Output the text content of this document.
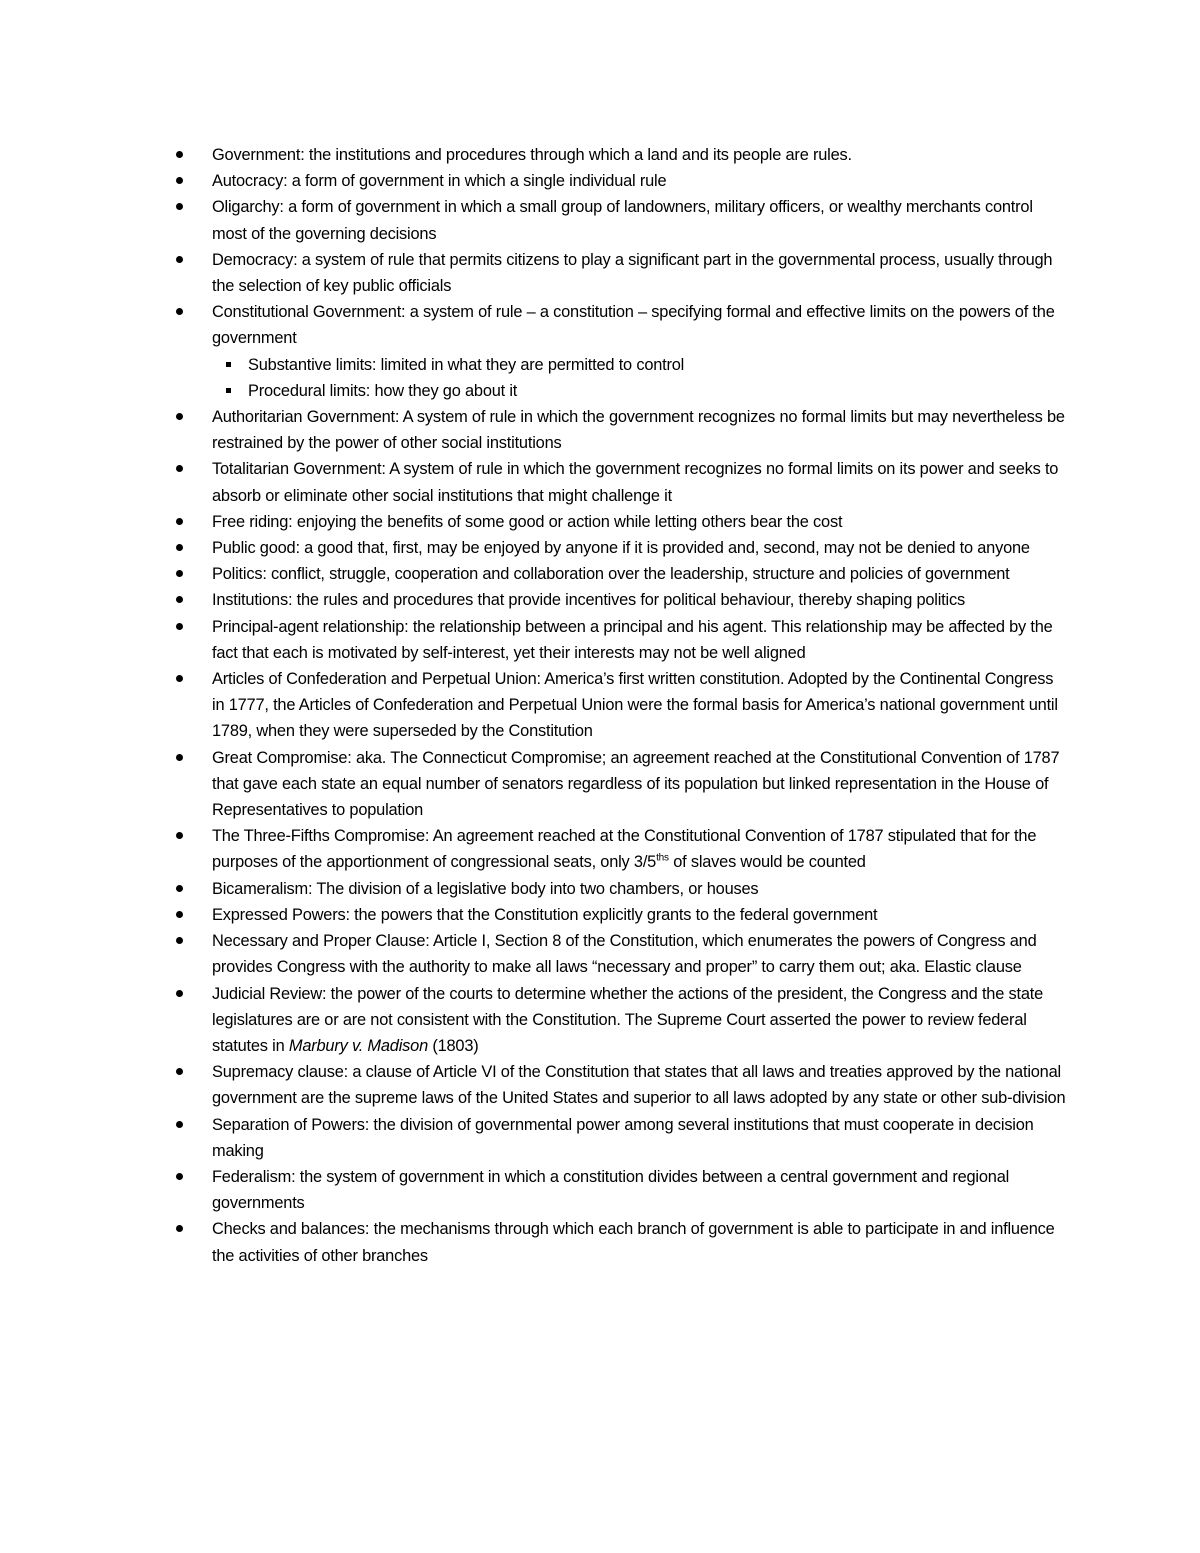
Government: the institutions and procedures through which a land and its people are rules.
Autocracy: a form of government in which a single individual rule
Oligarchy: a form of government in which a small group of landowners, military officers, or wealthy merchants control most of the governing decisions
Democracy: a system of rule that permits citizens to play a significant part in the governmental process, usually through the selection of key public officials
Constitutional Government: a system of rule – a constitution – specifying formal and effective limits on the powers of the government
Substantive limits: limited in what they are permitted to control
Procedural limits: how they go about it
Authoritarian Government: A system of rule in which the government recognizes no formal limits but may nevertheless be restrained by the power of other social institutions
Totalitarian Government: A system of rule in which the government recognizes no formal limits on its power and seeks to absorb or eliminate other social institutions that might challenge it
Free riding: enjoying the benefits of some good or action while letting others bear the cost
Public good: a good that, first, may be enjoyed by anyone if it is provided and, second, may not be denied to anyone
Politics: conflict, struggle, cooperation and collaboration over the leadership, structure and policies of government
Institutions: the rules and procedures that provide incentives for political behaviour, thereby shaping politics
Principal-agent relationship: the relationship between a principal and his agent. This relationship may be affected by the fact that each is motivated by self-interest, yet their interests may not be well aligned
Articles of Confederation and Perpetual Union: America’s first written constitution. Adopted by the Continental Congress in 1777, the Articles of Confederation and Perpetual Union were the formal basis for America’s national government until 1789, when they were superseded by the Constitution
Great Compromise: aka. The Connecticut Compromise; an agreement reached at the Constitutional Convention of 1787 that gave each state an equal number of senators regardless of its population but linked representation in the House of Representatives to population
The Three-Fifths Compromise: An agreement reached at the Constitutional Convention of 1787 stipulated that for the purposes of the apportionment of congressional seats, only $3/5^{ths}$ of slaves would be counted
Bicameralism: The division of a legislative body into two chambers, or houses
Expressed Powers: the powers that the Constitution explicitly grants to the federal government
Necessary and Proper Clause: Article I, Section 8 of the Constitution, which enumerates the powers of Congress and provides Congress with the authority to make all laws “necessary and proper” to carry them out; aka. Elastic clause
Judicial Review: the power of the courts to determine whether the actions of the president, the Congress and the state legislatures are or are not consistent with the Constitution. The Supreme Court asserted the power to review federal statutes in Marbury v. Madison (1803)
Supremacy clause: a clause of Article VI of the Constitution that states that all laws and treaties approved by the national government are the supreme laws of the United States and superior to all laws adopted by any state or other sub-division
Separation of Powers: the division of governmental power among several institutions that must cooperate in decision making
Federalism: the system of government in which a constitution divides between a central government and regional governments
Checks and balances: the mechanisms through which each branch of government is able to participate in and influence the activities of other branches
